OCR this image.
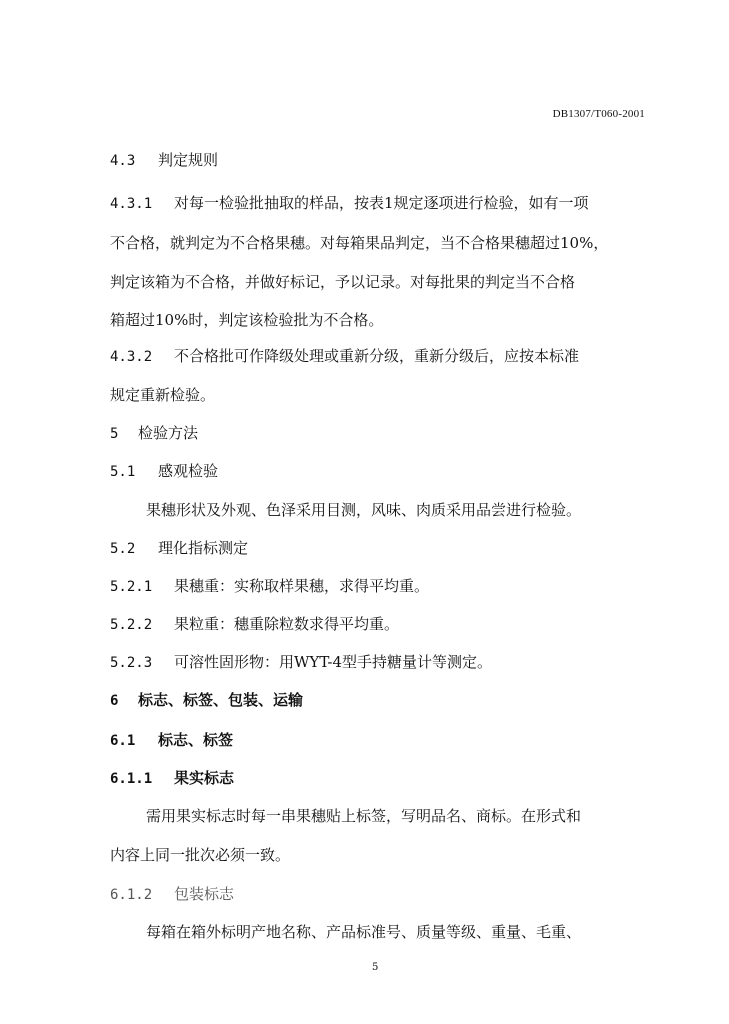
DB1307/T060-2001
4.3 判定规则
4.3.1 对每一检验批抽取的样品，按表1规定逐项进行检验，如有一项
不合格，就判定为不合格果穗。对每箱果品判定，当不合格果穗超过10%，
判定该箱为不合格，并做好标记，予以记录。对每批果的判定当不合格
箱超过10%时，判定该检验批为不合格。
4.3.2 不合格批可作降级处理或重新分级，重新分级后，应按本标准
规定重新检验。
5 检验方法
5.1 感观检验
果穗形状及外观、色泽采用目测，风味、肉质采用品尝进行检验。
5.2 理化指标测定
5.2.1 果穗重：实称取样果穗，求得平均重。
5.2.2 果粒重：穗重除粒数求得平均重。
5.2.3 可溶性固形物：用WYT-4型手持糖量计等测定。
6 标志、标签、包装、运输
6.1 标志、标签
6.1.1 果实标志
需用果实标志时每一串果穗贴上标签，写明品名、商标。在形式和
内容上同一批次必须一致。
6.1.2 包装标志
每箱在箱外标明产地名称、产品标准号、质量等级、重量、毛重、
5
